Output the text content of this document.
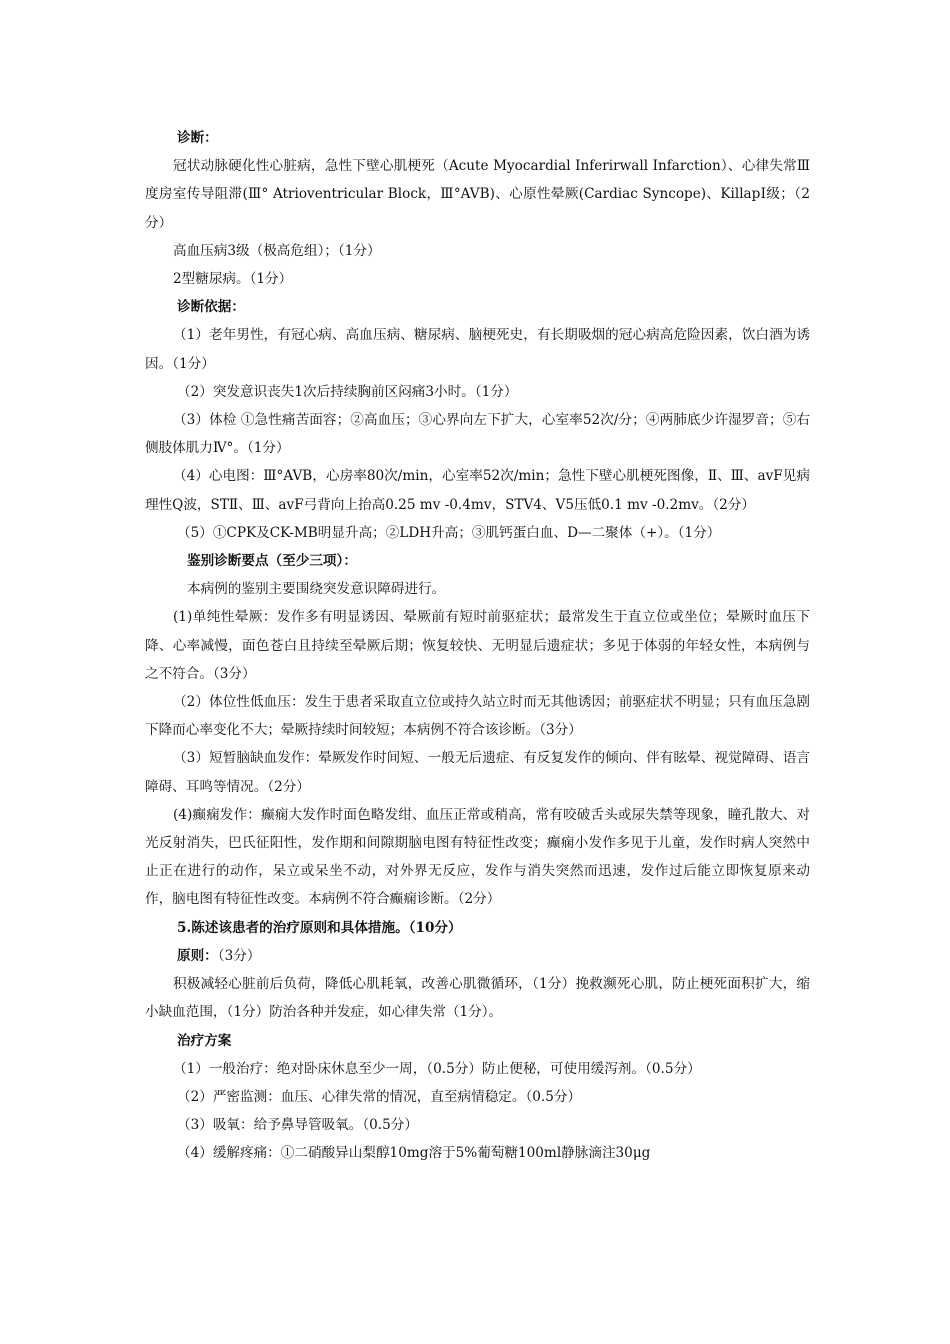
诊断：

冠状动脉硬化性心脏病，急性下壁心肌梗死（Acute Myocardial Inferirwall Infarction）、心律失常Ⅲ度房室传导阻滞(Ⅲ° Atrioventricular Block，Ⅲ°AVB)、心原性晕厥(Cardiac Syncope)、KillapⅠ级；（2分）

高血压病3级（极高危组）；（1分）

2型糖尿病。（1分）

诊断依据：

（1）老年男性，有冠心病、高血压病、糖尿病、脑梗死史，有长期吸烟的冠心病高危险因素，饮白酒为诱因。（1分）

（2）突发意识丧失1次后持续胸前区闷痛3小时。（1分）

（3）体检 ①急性痛苦面容；②高血压；③心界向左下扩大，心室率52次/分；④两肺底少许湿罗音；⑤右侧肢体肌力Ⅳ°。（1分）

（4）心电图：Ⅲ°AVB，心房率80次/min，心室率52次/min；急性下壁心肌梗死图像，Ⅱ、Ⅲ、avF见病理性Q波，STⅡ、Ⅲ、avF弓背向上抬高0.25 mv -0.4mv，STV4、V5压低0.1 mv -0.2mv。（2分）

（5）①CPK及CK-MB明显升高；②LDH升高；③肌钙蛋白血、D—二聚体（+）。（1分）

鉴别诊断要点（至少三项）：

本病例的鉴别主要围绕突发意识障碍进行。

(1)单纯性晕厥：发作多有明显诱因、晕厥前有短时前驱症状；最常发生于直立位或坐位；晕厥时血压下降、心率减慢，面色苍白且持续至晕厥后期；恢复较快、无明显后遗症状；多见于体弱的年轻女性，本病例与之不符合。（3分）

（2）体位性低血压：发生于患者采取直立位或持久站立时而无其他诱因；前驱症状不明显；只有血压急剧下降而心率变化不大；晕厥持续时间较短；本病例不符合该诊断。（3分）

（3）短暂脑缺血发作：晕厥发作时间短、一般无后遗症、有反复发作的倾向、伴有眩晕、视觉障碍、语言障碍、耳鸣等情况。（2分）

(4)癫痫发作：癫痫大发作时面色略发绀、血压正常或稍高，常有咬破舌头或尿失禁等现象，瞳孔散大、对光反射消失，巴氏征阳性，发作期和间隙期脑电图有特征性改变；癫痫小发作多见于儿童，发作时病人突然中止正在进行的动作，呆立或呆坐不动，对外界无反应，发作与消失突然而迅速，发作过后能立即恢复原来动作，脑电图有特征性改变。本病例不符合癫痫诊断。（2分）

5.陈述该患者的治疗原则和具体措施。（10分）

原则：（3分）

积极减轻心脏前后负荷，降低心肌耗氧，改善心肌微循环，（1分）挽救濒死心肌，防止梗死面积扩大，缩小缺血范围，（1分）防治各种并发症，如心律失常（1分）。

治疗方案

（1）一般治疗：绝对卧床休息至少一周，（0.5分）防止便秘，可使用缓泻剂。（0.5分）

（2）严密监测：血压、心律失常的情况，直至病情稳定。（0.5分）

（3）吸氧：给予鼻导管吸氧。（0.5分）

（4）缓解疼痛：①二硝酸异山梨醇10mg溶于5%葡萄糖100ml静脉滴注30μg
